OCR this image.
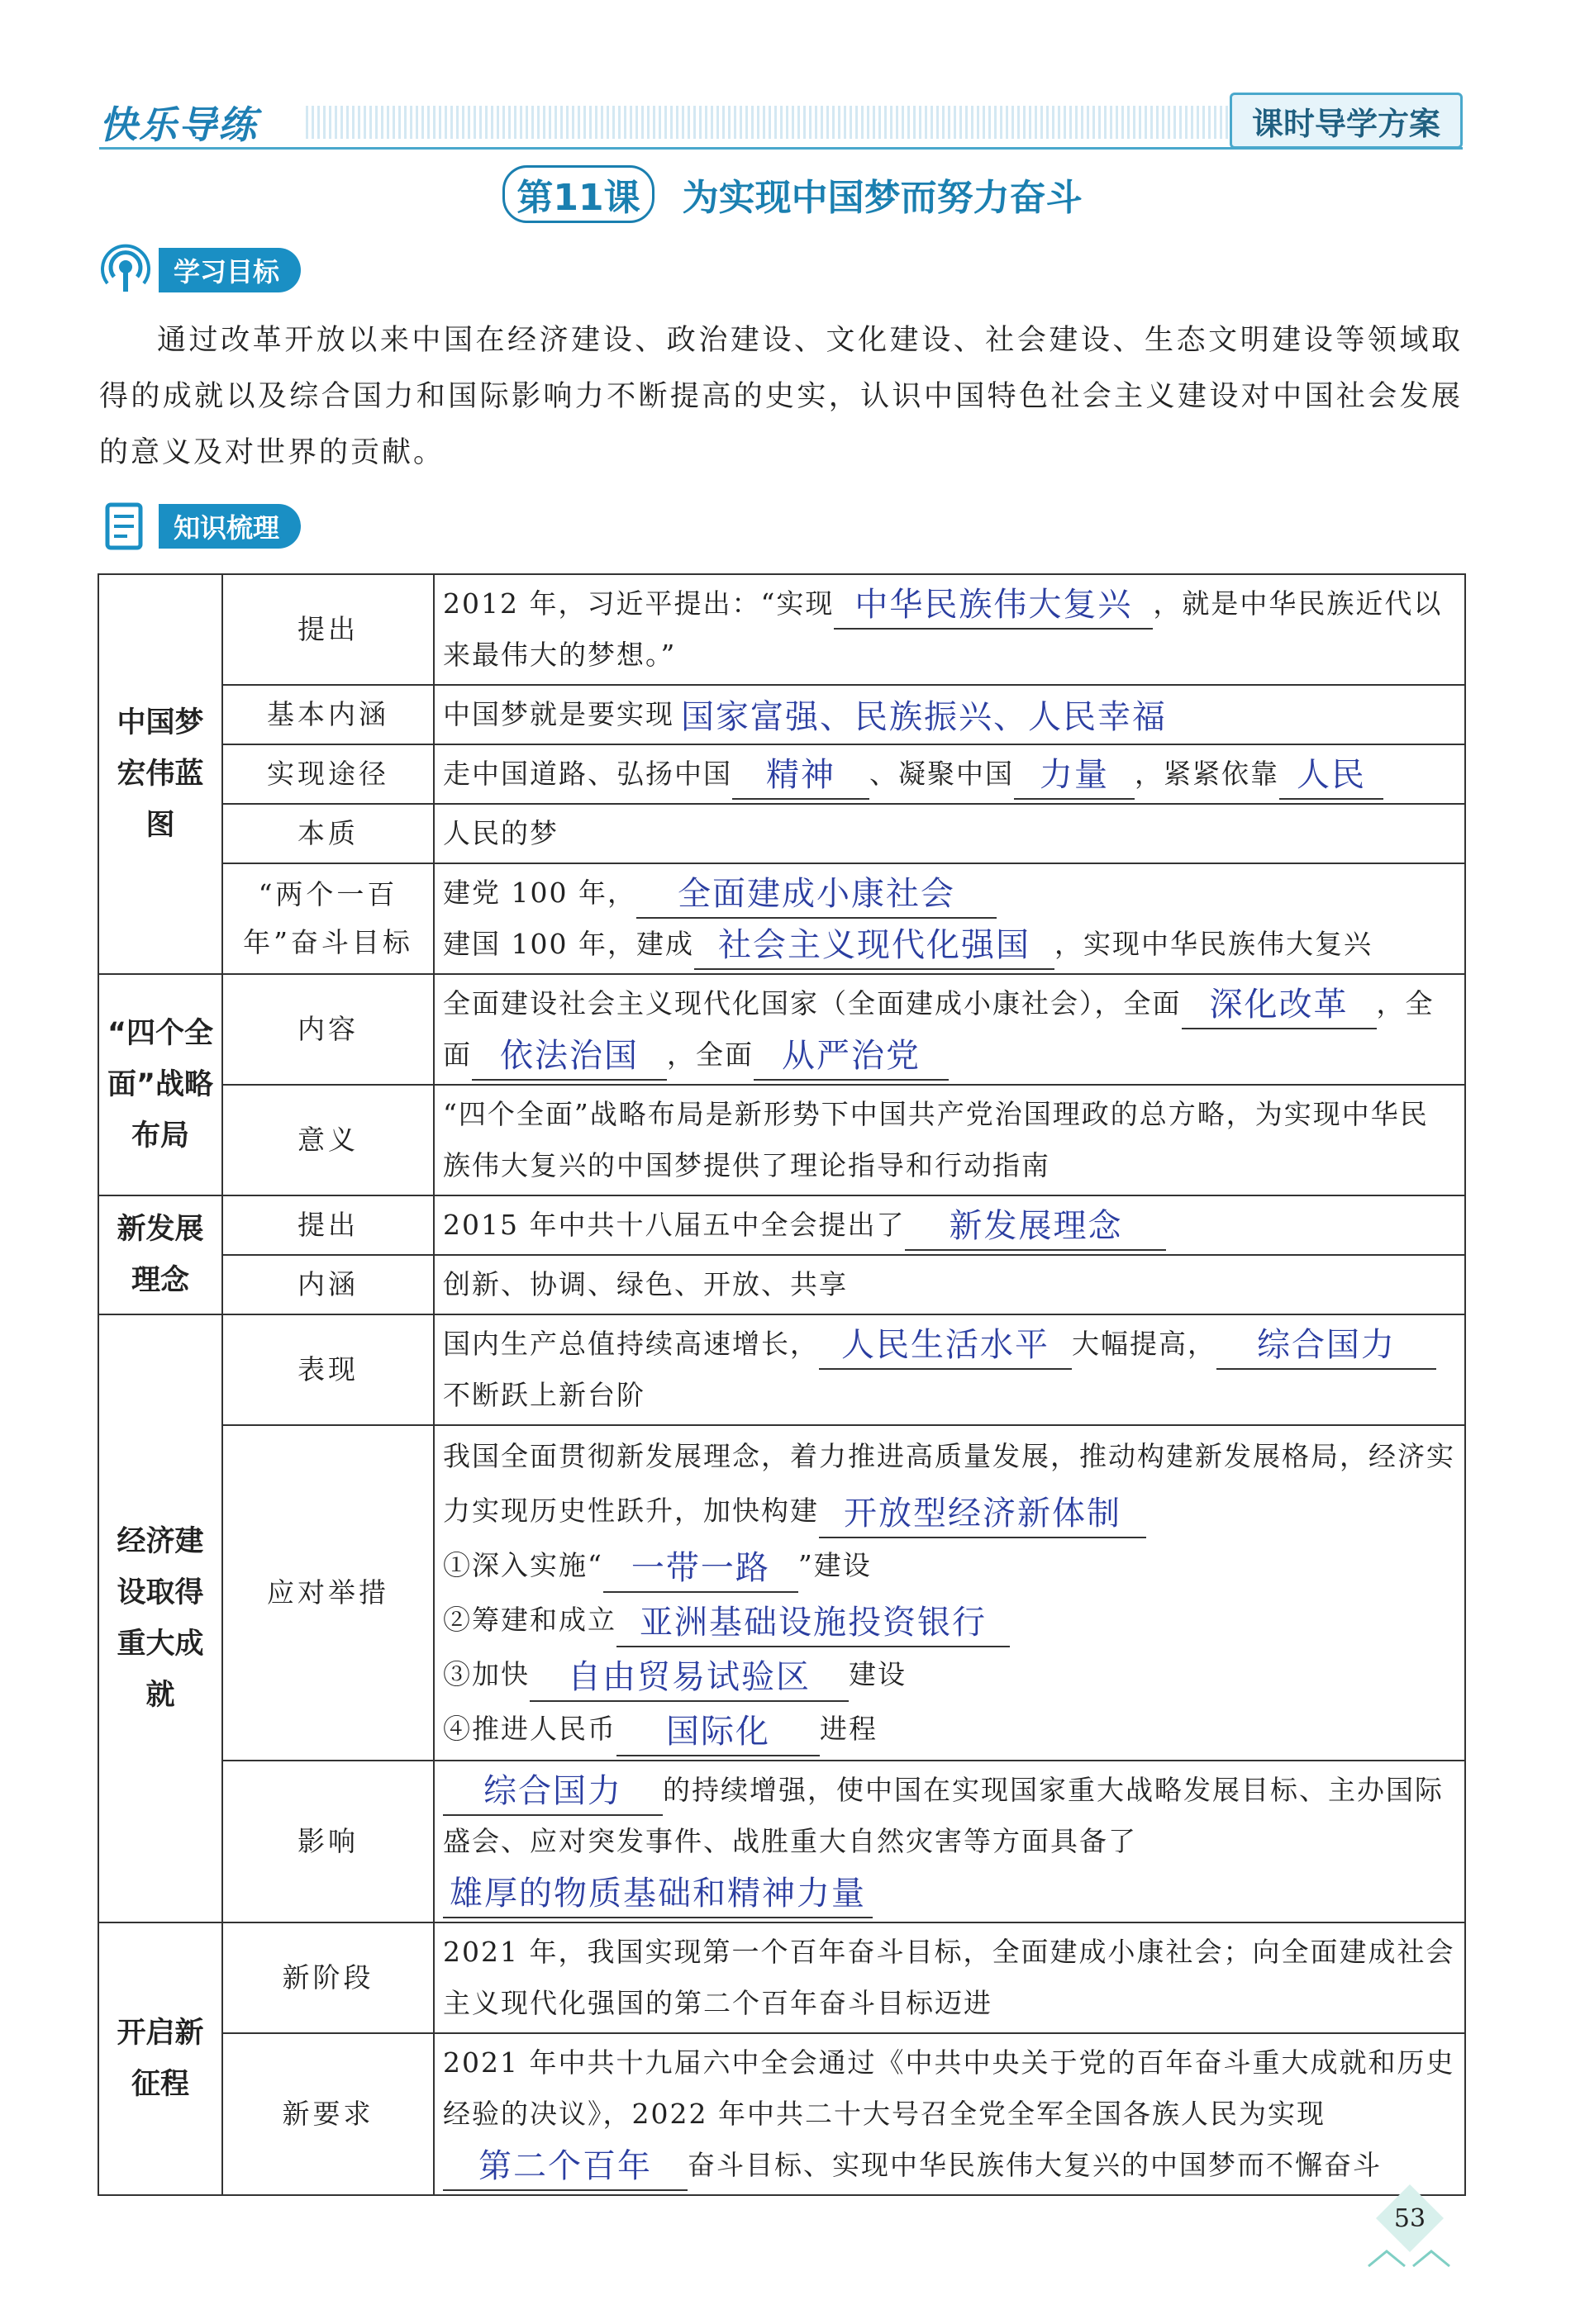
快乐导练	课时导学方案
第11课 为实现中国梦而努力奋斗
学习目标
通过改革开放以来中国在经济建设、政治建设、文化建设、社会建设、生态文明建设等领域取得的成就以及综合国力和国际影响力不断提高的史实，认识中国特色社会主义建设对中国社会发展的意义及对世界的贡献。
知识梳理
中国梦宏伟蓝图	提出	2012 年，习近平提出：“实现 中华民族伟大复兴 ，就是中华民族近代以来最伟大的梦想。”
	基本内涵	中国梦就是要实现 国家富强、民族振兴、人民幸福
	实现途径	走中国道路、弘扬中国 精神 、凝聚中国 力量 ，紧紧依靠 人民
	本质	人民的梦
	“两个一百年”奋斗目标	建党 100 年， 全面建成小康社会
建国 100 年，建成 社会主义现代化强国 ，实现中华民族伟大复兴
“四个全面”战略布局	内容	全面建设社会主义现代化国家（全面建成小康社会），全面 深化改革 ，全面 依法治国 ，全面 从严治党
	意义	“四个全面”战略布局是新形势下中国共产党治国理政的总方略，为实现中华民族伟大复兴的中国梦提供了理论指导和行动指南
新发展理念	提出	2015 年中共十八届五中全会提出了 新发展理念
	内涵	创新、协调、绿色、开放、共享
经济建设取得重大成就	表现	国内生产总值持续高速增长， 人民生活水平 大幅提高， 综合国力不断跃上新台阶
	应对举措	我国全面贯彻新发展理念，着力推进高质量发展，推动构建新发展格局，经济实力实现历史性跃升，加快构建 开放型经济新体制
①深入实施“ 一带一路 ”建设
②筹建和成立 亚洲基础设施投资银行
③加快 自由贸易试验区 建设
④推进人民币 国际化 进程
	影响	综合国力 的持续增强，使中国在实现国家重大战略发展目标、主办国际盛会、应对突发事件、战胜重大自然灾害等方面具备了雄厚的物质基础和精神力量
开启新征程	新阶段	2021 年，我国实现第一个百年奋斗目标，全面建成小康社会；向全面建成社会主义现代化强国的第二个百年奋斗目标迈进
	新要求	2021 年中共十九届六中全会通过《中共中央关于党的百年奋斗重大成就和历史经验的决议》，2022 年中共二十大号召全党全军全国各族人民为实现第二个百年 奋斗目标、实现中华民族伟大复兴的中国梦而不懈奋斗
53
